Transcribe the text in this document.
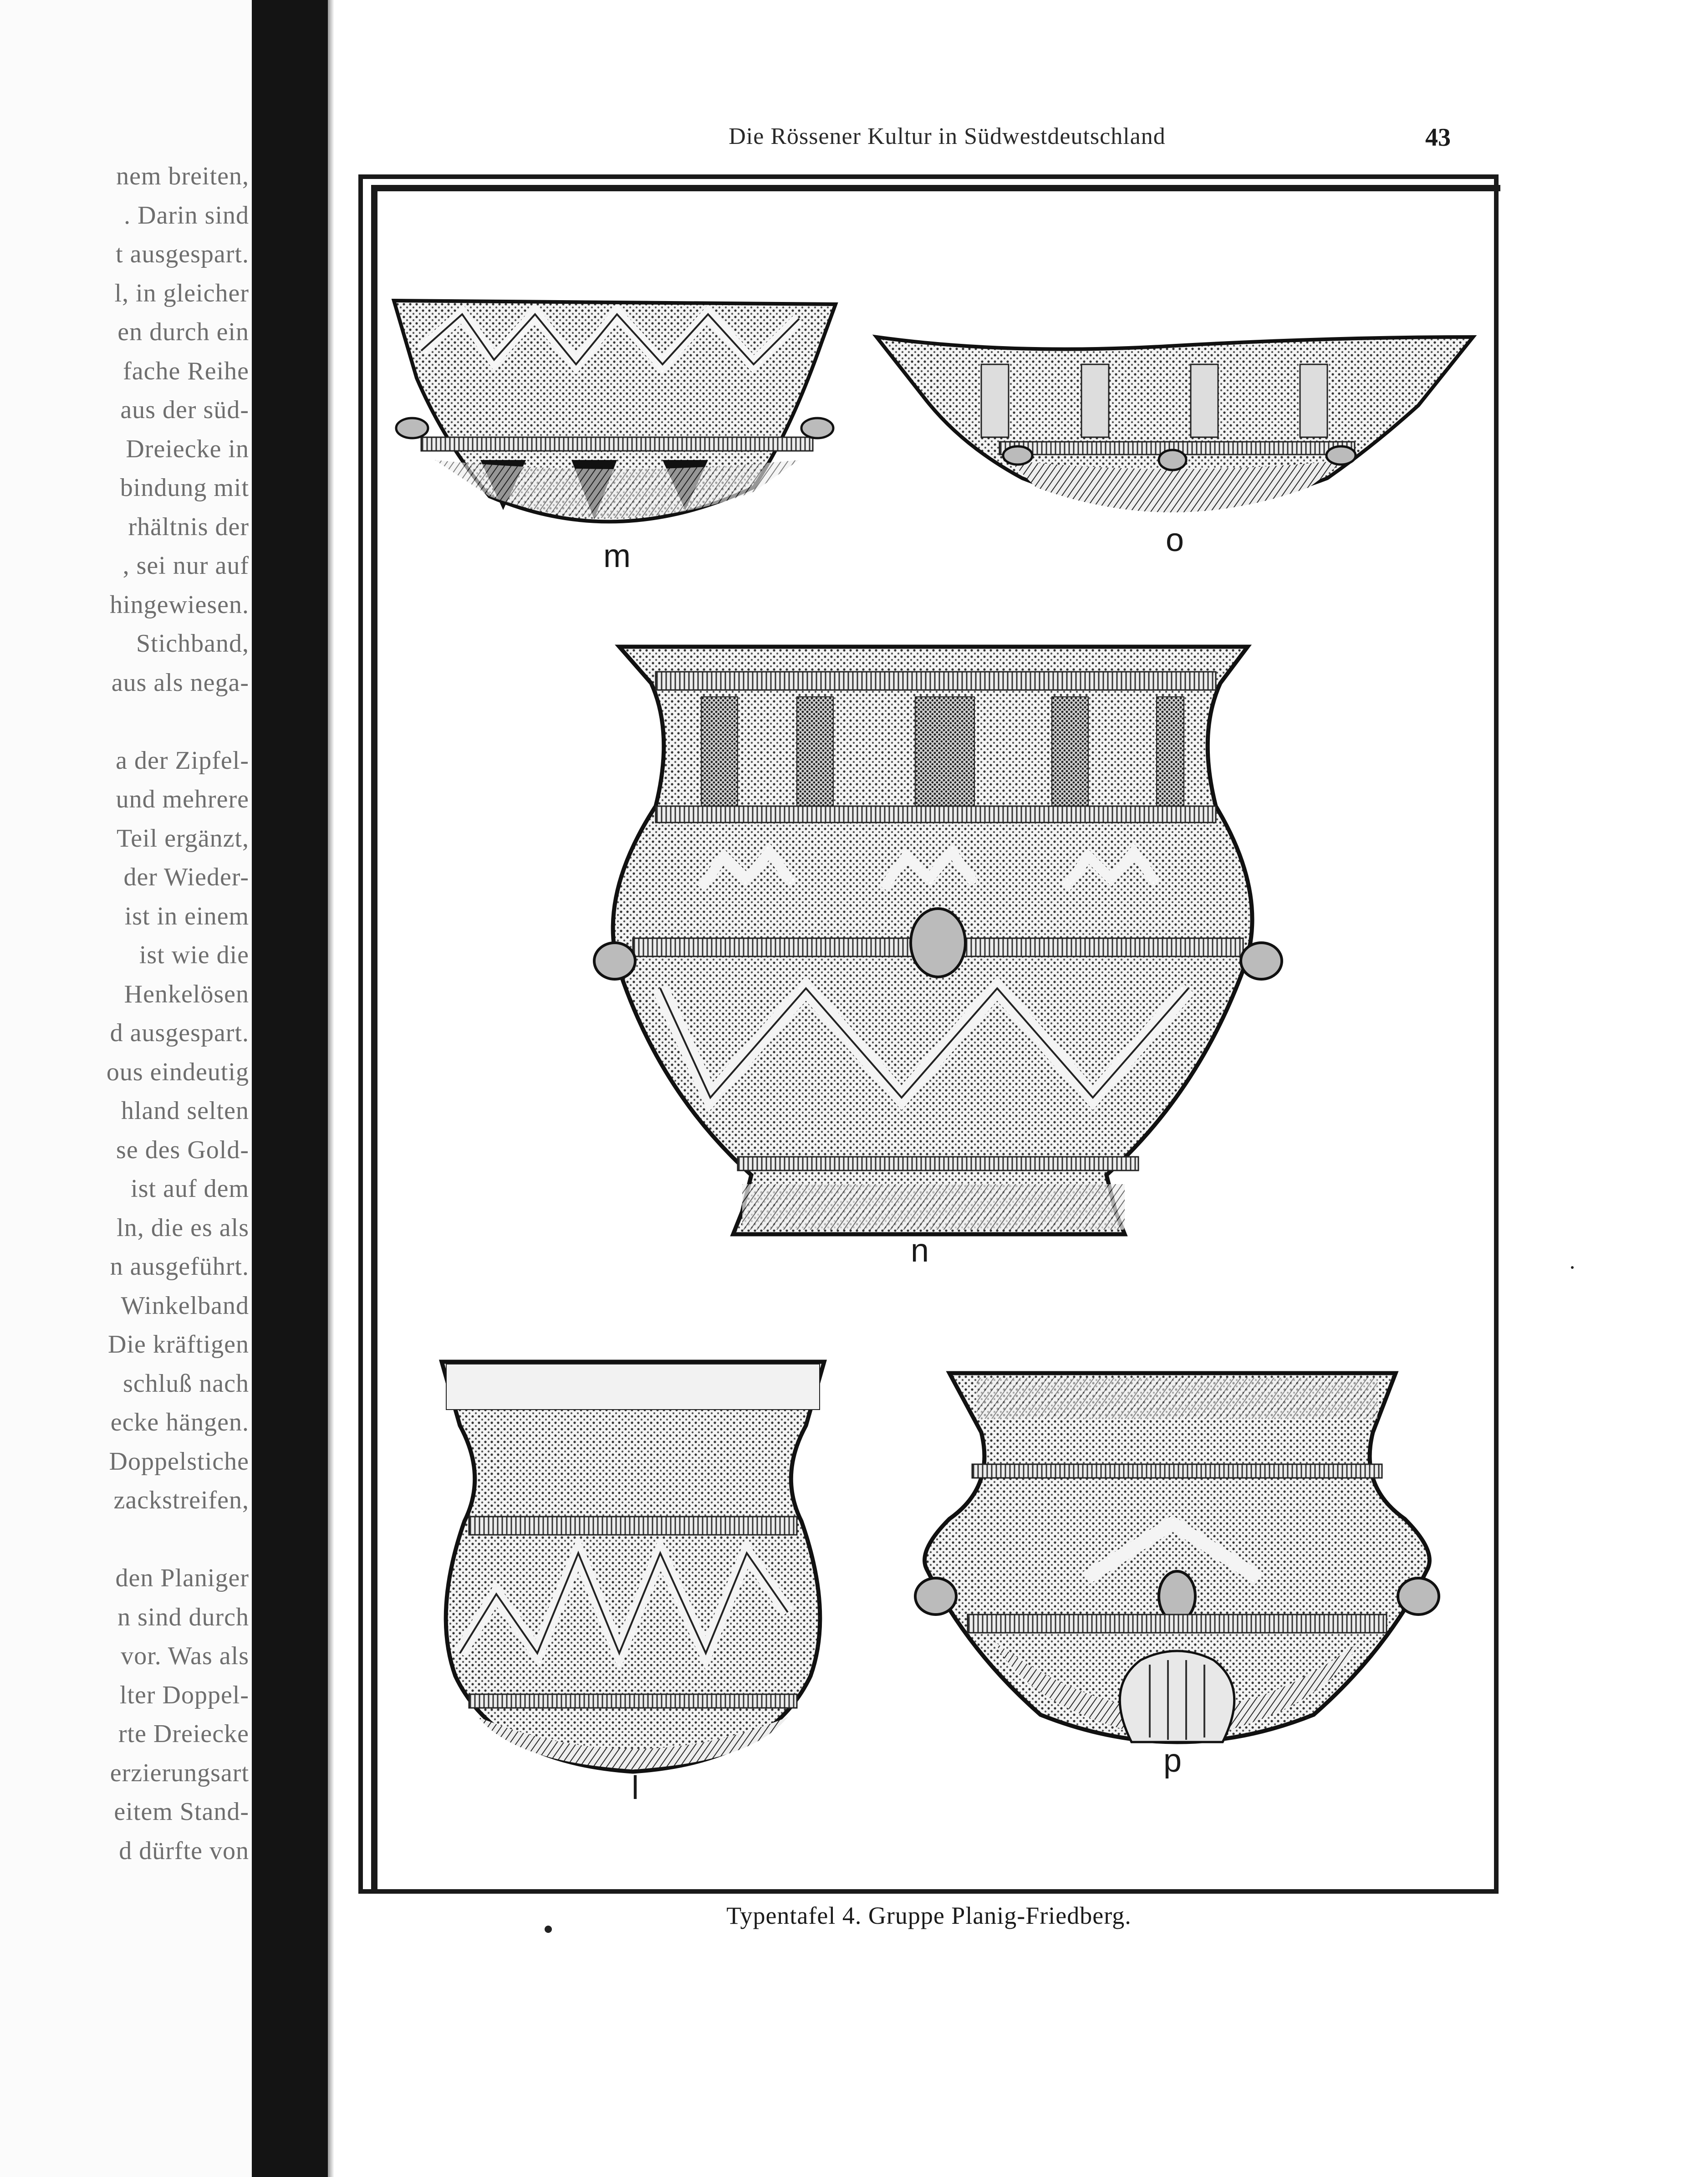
nem breiten,
. Darin sind
t ausgespart.
l, in gleicher
en durch ein
fache Reihe
aus der süd-
Dreiecke in
bindung mit
rhältnis der
, sei nur auf
hingewiesen.
Stichband,
aus als nega-
a der Zipfel-
und mehrere
Teil ergänzt,
der Wieder-
ist in einem
ist wie die
Henkelösen
d ausgespart.
ous eindeutig
hland selten
se des Gold-
ist auf dem
ln, die es als
n ausgeführt.
Winkelband
Die kräftigen
schluß nach
ecke hängen.
Doppelstiche
zackstreifen,
den Planiger
n sind durch
vor. Was als
lter Doppel-
rte Dreiecke
erzierungsart
eitem Stand-
d dürfte von
Die Rössener Kultur in Südwestdeutschland	43
m	o
n
l
p
Typentafel 4. Gruppe Planig-Friedberg.
